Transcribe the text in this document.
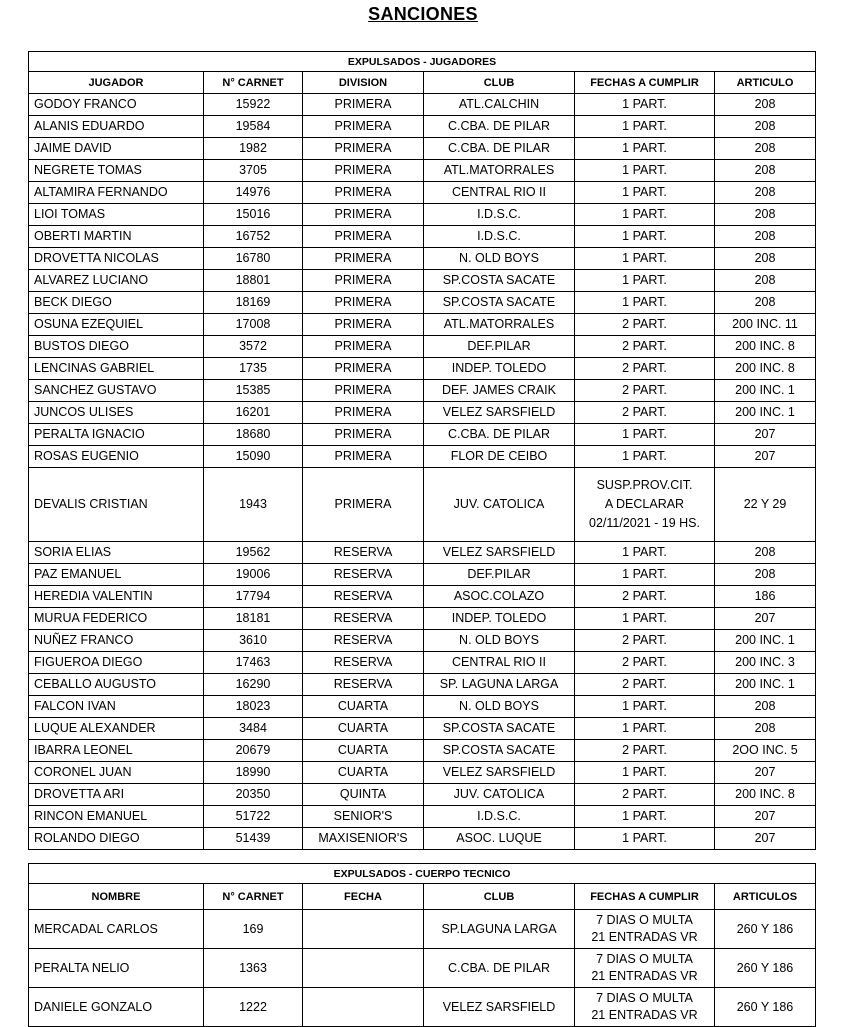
SANCIONES
EXPULSADOS - JUGADORES					
JUGADOR	N° CARNET	DIVISION	CLUB	FECHAS A CUMPLIR	ARTICULO
GODOY FRANCO	15922	PRIMERA	ATL.CALCHIN	1 PART.	208
ALANIS EDUARDO	19584	PRIMERA	C.CBA. DE PILAR	1 PART.	208
JAIME DAVID	1982	PRIMERA	C.CBA. DE PILAR	1 PART.	208
NEGRETE TOMAS	3705	PRIMERA	ATL.MATORRALES	1 PART.	208
ALTAMIRA FERNANDO	14976	PRIMERA	CENTRAL RIO II	1 PART.	208
LIOI TOMAS	15016	PRIMERA	I.D.S.C.	1 PART.	208
OBERTI MARTIN	16752	PRIMERA	I.D.S.C.	1 PART.	208
DROVETTA NICOLAS	16780	PRIMERA	N. OLD BOYS	1 PART.	208
ALVAREZ LUCIANO	18801	PRIMERA	SP.COSTA SACATE	1 PART.	208
BECK DIEGO	18169	PRIMERA	SP.COSTA SACATE	1 PART.	208
OSUNA EZEQUIEL	17008	PRIMERA	ATL.MATORRALES	2 PART.	200 INC. 11
BUSTOS DIEGO	3572	PRIMERA	DEF.PILAR	2 PART.	200 INC. 8
LENCINAS GABRIEL	1735	PRIMERA	INDEP. TOLEDO	2 PART.	200 INC. 8
SANCHEZ GUSTAVO	15385	PRIMERA	DEF. JAMES CRAIK	2 PART.	200 INC. 1
JUNCOS ULISES	16201	PRIMERA	VELEZ SARSFIELD	2 PART.	200 INC. 1
PERALTA IGNACIO	18680	PRIMERA	C.CBA. DE PILAR	1 PART.	207
ROSAS EUGENIO	15090	PRIMERA	FLOR DE CEIBO	1 PART.	207
DEVALIS CRISTIAN	1943	PRIMERA	JUV. CATOLICA	SUSP.PROV.CIT.
A DECLARAR
02/11/2021 - 19 HS.	22 Y 29
SORIA ELIAS	19562	RESERVA	VELEZ SARSFIELD	1 PART.	208
PAZ EMANUEL	19006	RESERVA	DEF.PILAR	1 PART.	208
HEREDIA VALENTIN	17794	RESERVA	ASOC.COLAZO	2 PART.	186
MURUA FEDERICO	18181	RESERVA	INDEP. TOLEDO	1 PART.	207
NUÑEZ FRANCO	3610	RESERVA	N. OLD BOYS	2 PART.	200 INC. 1
FIGUEROA DIEGO	17463	RESERVA	CENTRAL RIO II	2 PART.	200 INC. 3
CEBALLO AUGUSTO	16290	RESERVA	SP. LAGUNA LARGA	2 PART.	200 INC. 1
FALCON IVAN	18023	CUARTA	N. OLD BOYS	1 PART.	208
LUQUE ALEXANDER	3484	CUARTA	SP.COSTA SACATE	1 PART.	208
IBARRA LEONEL	20679	CUARTA	SP.COSTA SACATE	2 PART.	2OO INC. 5
CORONEL JUAN	18990	CUARTA	VELEZ SARSFIELD	1 PART.	207
DROVETTA ARI	20350	QUINTA	JUV. CATOLICA	2 PART.	200 INC. 8
RINCON EMANUEL	51722	SENIOR'S	I.D.S.C.	1 PART.	207
ROLANDO DIEGO	51439	MAXISENIOR'S	ASOC. LUQUE	1 PART.	207
EXPULSADOS - CUERPO TECNICO					
NOMBRE	N° CARNET	FECHA	CLUB	FECHAS A CUMPLIR	ARTICULOS
MERCADAL CARLOS	169		SP.LAGUNA LARGA	7 DIAS O MULTA
21 ENTRADAS VR	260 Y 186
PERALTA NELIO	1363		C.CBA. DE PILAR	7 DIAS O MULTA
21 ENTRADAS VR	260 Y 186
DANIELE GONZALO	1222		VELEZ SARSFIELD	7 DIAS O MULTA
21 ENTRADAS VR	260 Y 186
